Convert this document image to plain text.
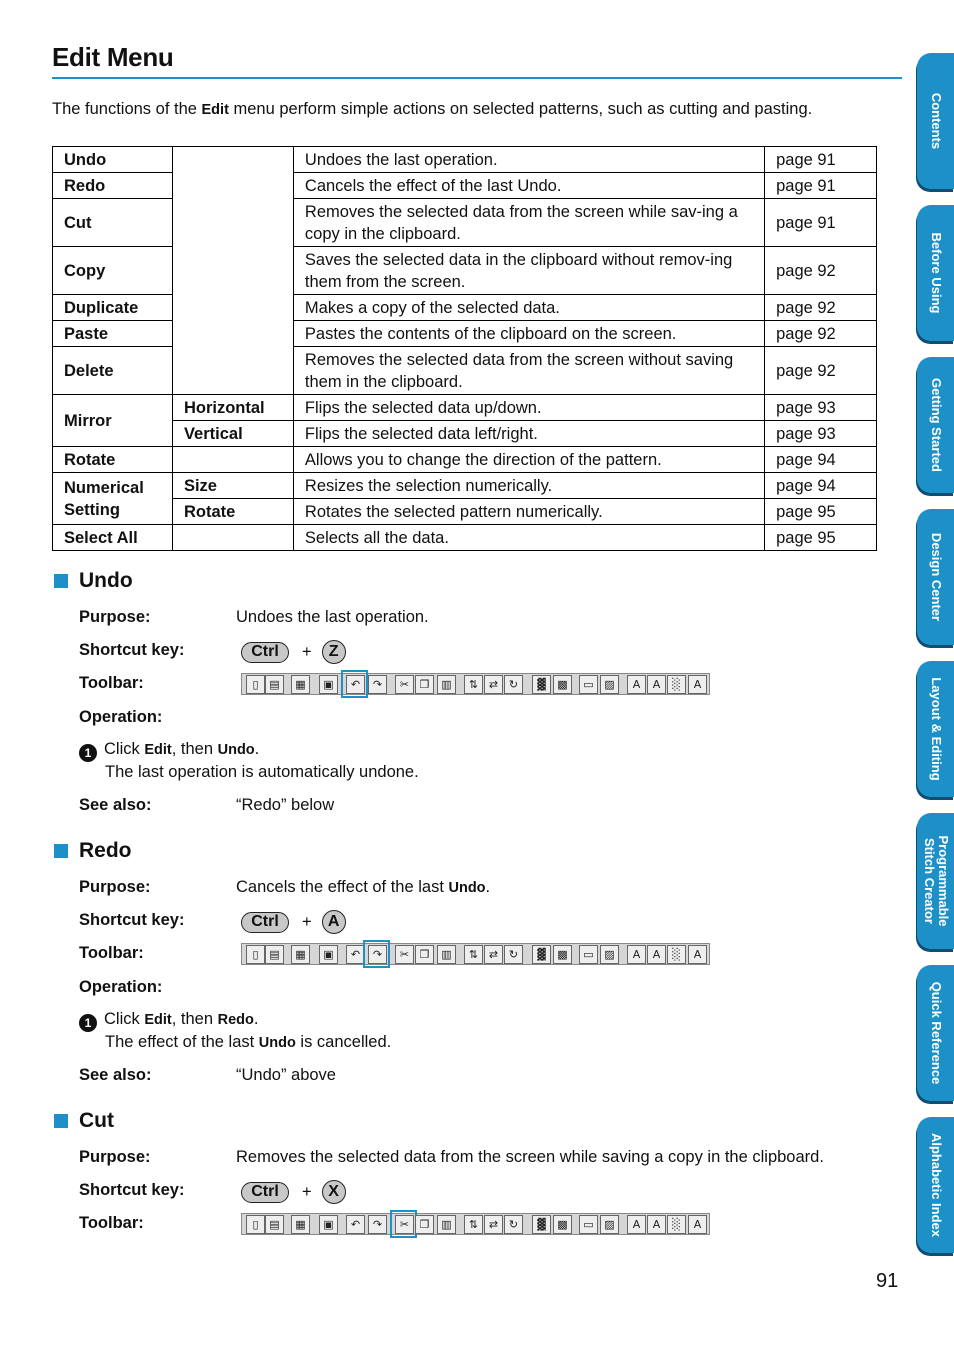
Edit Menu
The functions of the Edit menu perform simple actions on selected patterns, such as cutting and pasting.
Undo		Undoes the last operation.	page 91
Redo		Cancels the effect of the last Undo.	page 91
Cut		Removes the selected data from the screen while sav-ing a copy in the clipboard.	page 91
Copy		Saves the selected data in the clipboard without remov-ing them from the screen.	page 92
Duplicate		Makes a copy of the selected data.	page 92
Paste		Pastes the contents of the clipboard on the screen.	page 92
Delete		Removes the selected data from the screen without saving them in the clipboard.	page 92
Mirror	Horizontal	Flips the selected data up/down.	page 93
	Vertical	Flips the selected data left/right.	page 93
Rotate		Allows you to change the direction of the pattern.	page 94
Numerical Setting	Size	Resizes the selection numerically.	page 94
	Rotate	Rotates the selected pattern numerically.	page 95
Select All		Selects all the data.	page 95
Undo
Purpose:	Undoes the last operation.
Shortcut key:	Ctrl	+	Z
Toolbar:	▯ ▤	▦	▣	↶	↷	✂ ❐	▥	⇅ ⇄ ↻	▓	▩	▭ ▨	A	A	░	A
Operation:
1 Click Edit, then Undo.
The last operation is automatically undone.
See also:	“Redo” below
Redo
Purpose:	Cancels the effect of the last Undo.
Shortcut key:	Ctrl	+	A
Toolbar:	▯ ▤	▦	▣	↶	↷	✂ ❐	▥	⇅ ⇄ ↻	▓	▩	▭ ▨	A	A	░	A
Operation:
1 Click Edit, then Redo.
The effect of the last Undo is cancelled.
See also:	“Undo” above
Cut
Purpose:	Removes the selected data from the screen while saving a copy in the clipboard.
Shortcut key:	Ctrl	+	X
Toolbar:	▯ ▤	▦	▣	↶	↷	✂ ❐	▥	⇅ ⇄ ↻	▓	▩	▭ ▨	A	A	░	A
Contents
Before Using
Getting Started
Design Center
Layout & Editing
Programmable Stitch Creator
Quick Reference
Alphabetic Index
91
